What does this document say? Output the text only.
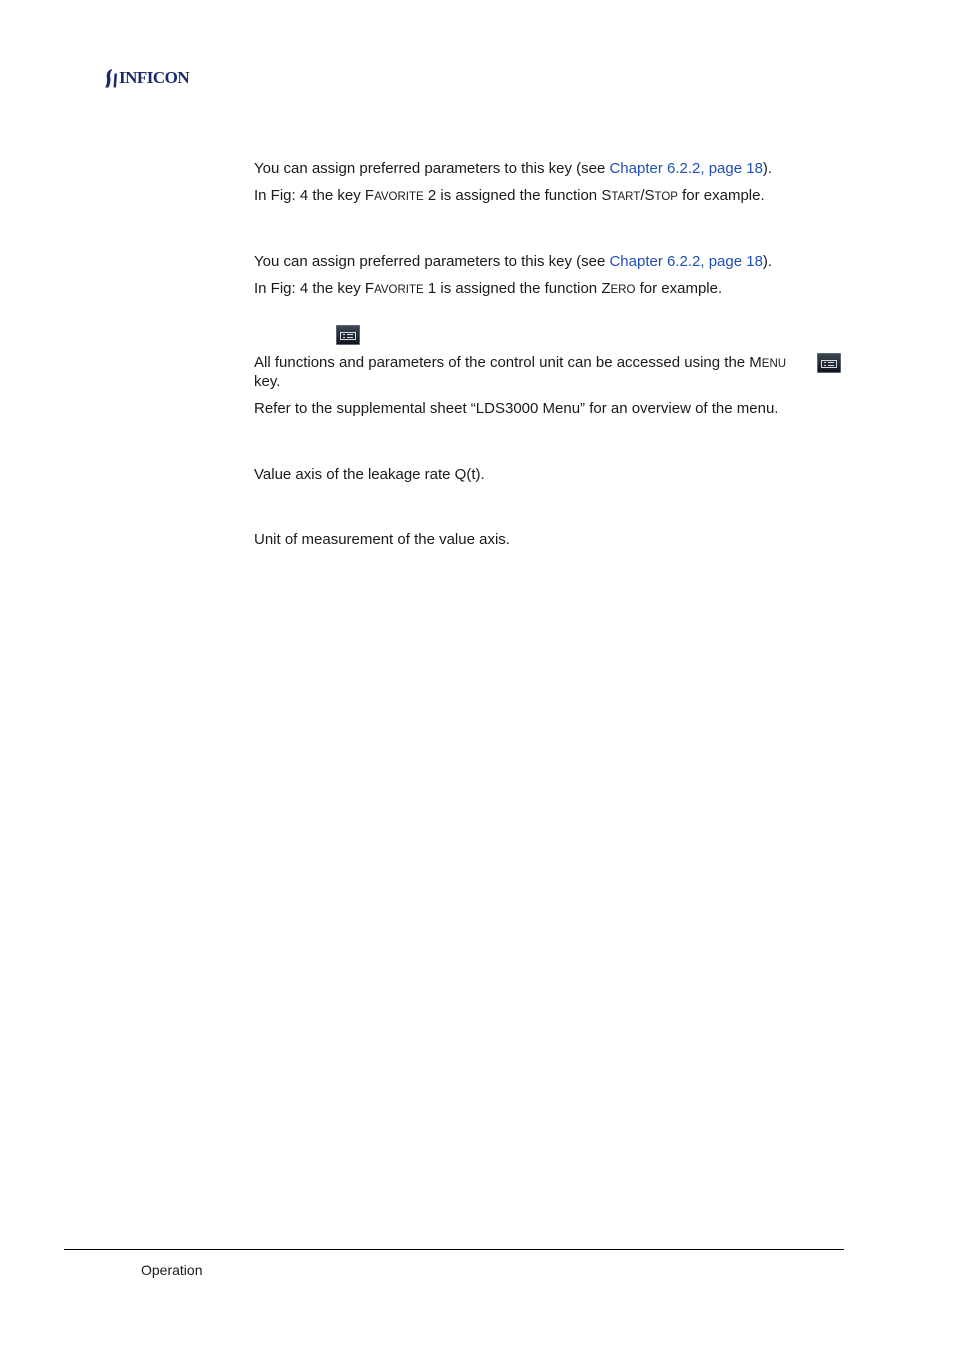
INFICON
You can assign preferred parameters to this key (see Chapter 6.2.2, page 18).
In Fig: 4 the key FAVORITE 2 is assigned the function START/STOP for example.
You can assign preferred parameters to this key (see Chapter 6.2.2, page 18).
In Fig: 4 the key FAVORITE 1 is assigned the function ZERO for example.
All functions and parameters of the control unit can be accessed using the MENU
key.
Refer to the supplemental sheet “LDS3000 Menu” for an overview of the menu.
Value axis of the leakage rate Q(t).
Unit of measurement of the value axis.
Operation
